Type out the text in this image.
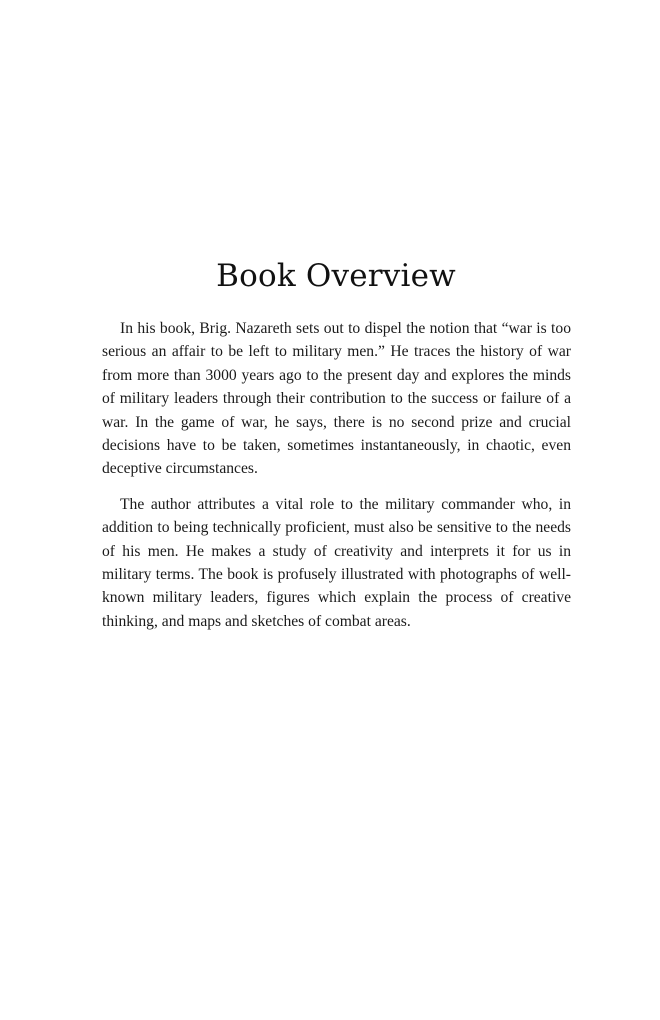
Book Overview

In his book, Brig. Nazareth sets out to dispel the notion that “war is too serious an affair to be left to military men.” He traces the history of war from more than 3000 years ago to the present day and explores the minds of military leaders through their contribution to the success or failure of a war. In the game of war, he says, there is no second prize and crucial decisions have to be taken, sometimes instantaneously, in chaotic, even deceptive circumstances.

The author attributes a vital role to the military commander who, in addition to being technically proficient, must also be sensitive to the needs of his men. He makes a study of creativity and interprets it for us in military terms. The book is profusely illustrated with photographs of well-known military leaders, figures which explain the process of creative thinking, and maps and sketches of combat areas.
